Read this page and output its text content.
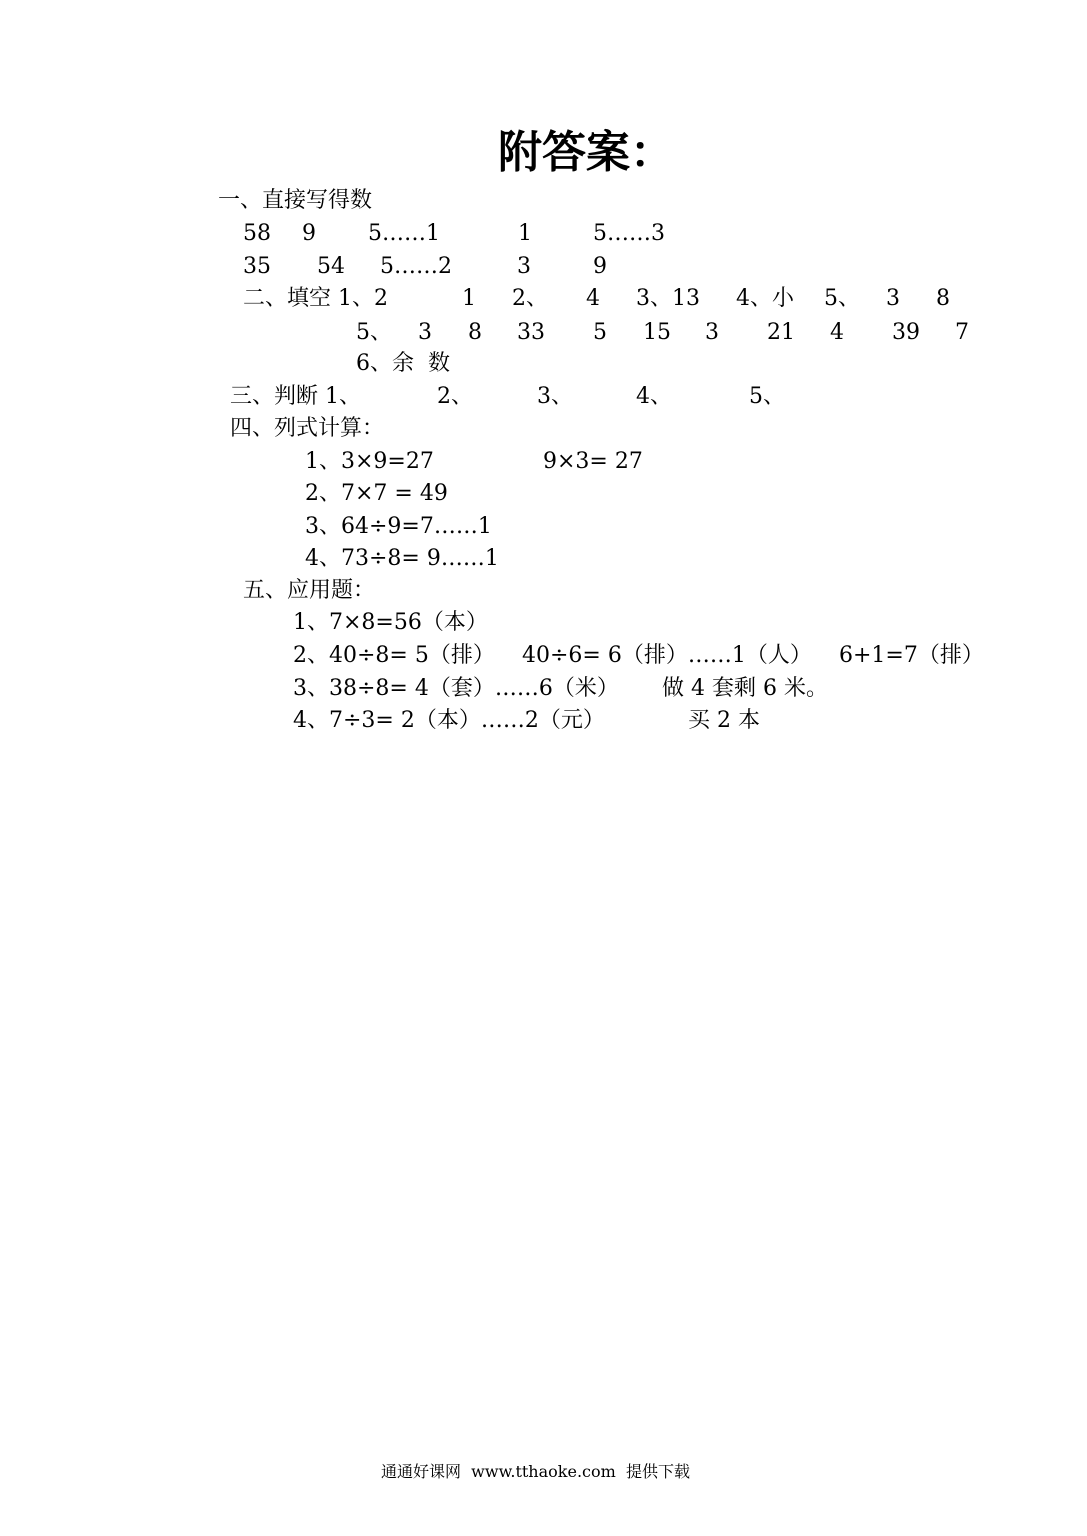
附答案：
一、直接写得数
58 9 5……1	1	5……3
35 54 5……2	3	9
二、填空 1、2	1 2、 4 3、13 4、小 5、 3 8
5、 3 8 33 5 15 3 21 4 39 7
6、余  数
三、判断 1、	2、	3、	4、	5、
四、列式计算：
1、3×9=27	9×3= 27
2、7×7 = 49
3、64÷9=7……1
4、73÷8= 9……1
五、应用题：
1、7×8=56（本）
2、40÷8= 5（排） 40÷6= 6（排）……1（人） 6+1=7（排）
3、38÷8= 4（套）……6（米） 做 4 套剩 6 米。
4、7÷3= 2（本）……2（元）	买 2 本
通通好课网  www.tthaoke.com  提供下载
